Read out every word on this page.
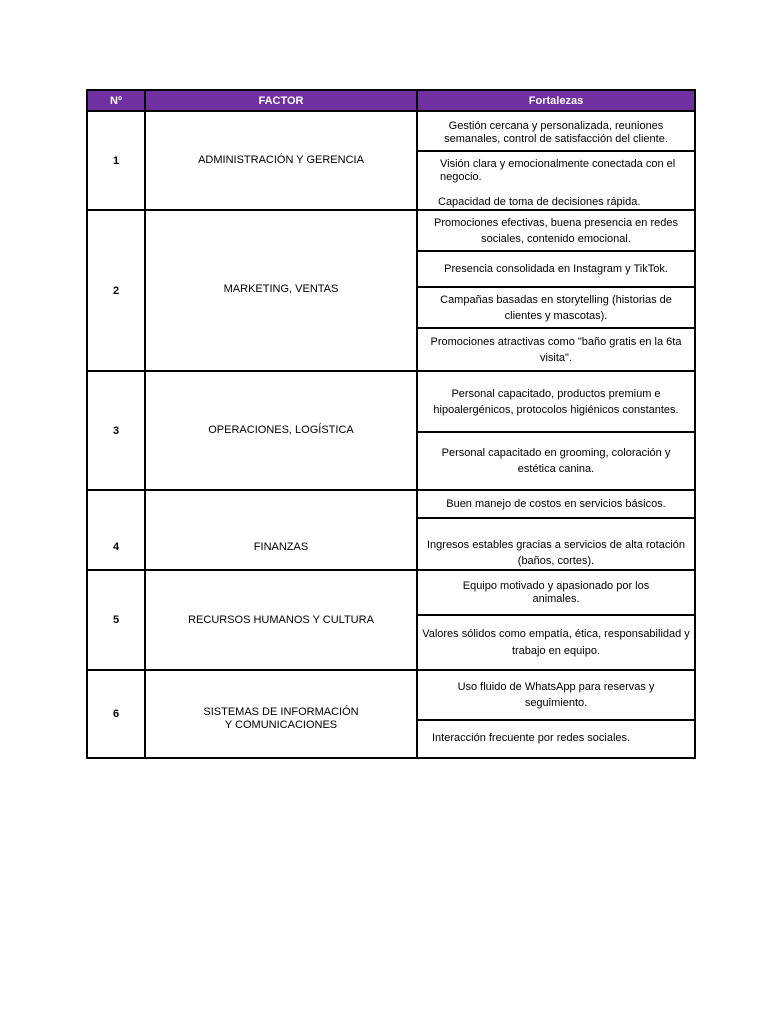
Nº	FACTOR	Fortalezas
1	ADMINISTRACIÓN Y GERENCIA
Gestión cercana y personalizada, reuniones semanales, control de satisfacción del cliente.
Visión clara y emocionalmente conectada con el negocio.
Capacidad de toma de decisiones rápida.
2	MARKETING, VENTAS
Promociones efectivas, buena presencia en redes sociales, contenido emocional.
Presencia consolidada en Instagram y TikTok.
Campañas basadas en storytelling (historias de clientes y mascotas).
Promociones atractivas como "baño gratis en la 6ta visita".
3	OPERACIONES, LOGÍSTICA
Personal capacitado, productos premium e hipoalergénicos, protocolos higiénicos constantes.
Personal capacitado en grooming, coloración y estética canina.
4	FINANZAS
Buen manejo de costos en servicios básicos.
Ingresos estables gracias a servicios de alta rotación (baños, cortes).
5	RECURSOS HUMANOS Y CULTURA
Equipo motivado y apasionado por los animales.
Valores sólidos como empatía, ética, responsabilidad y trabajo en equipo.
6	SISTEMAS DE INFORMACIÓN Y COMUNICACIONES
Uso fluido de WhatsApp para reservas y seguimiento.
Interacción frecuente por redes sociales.
